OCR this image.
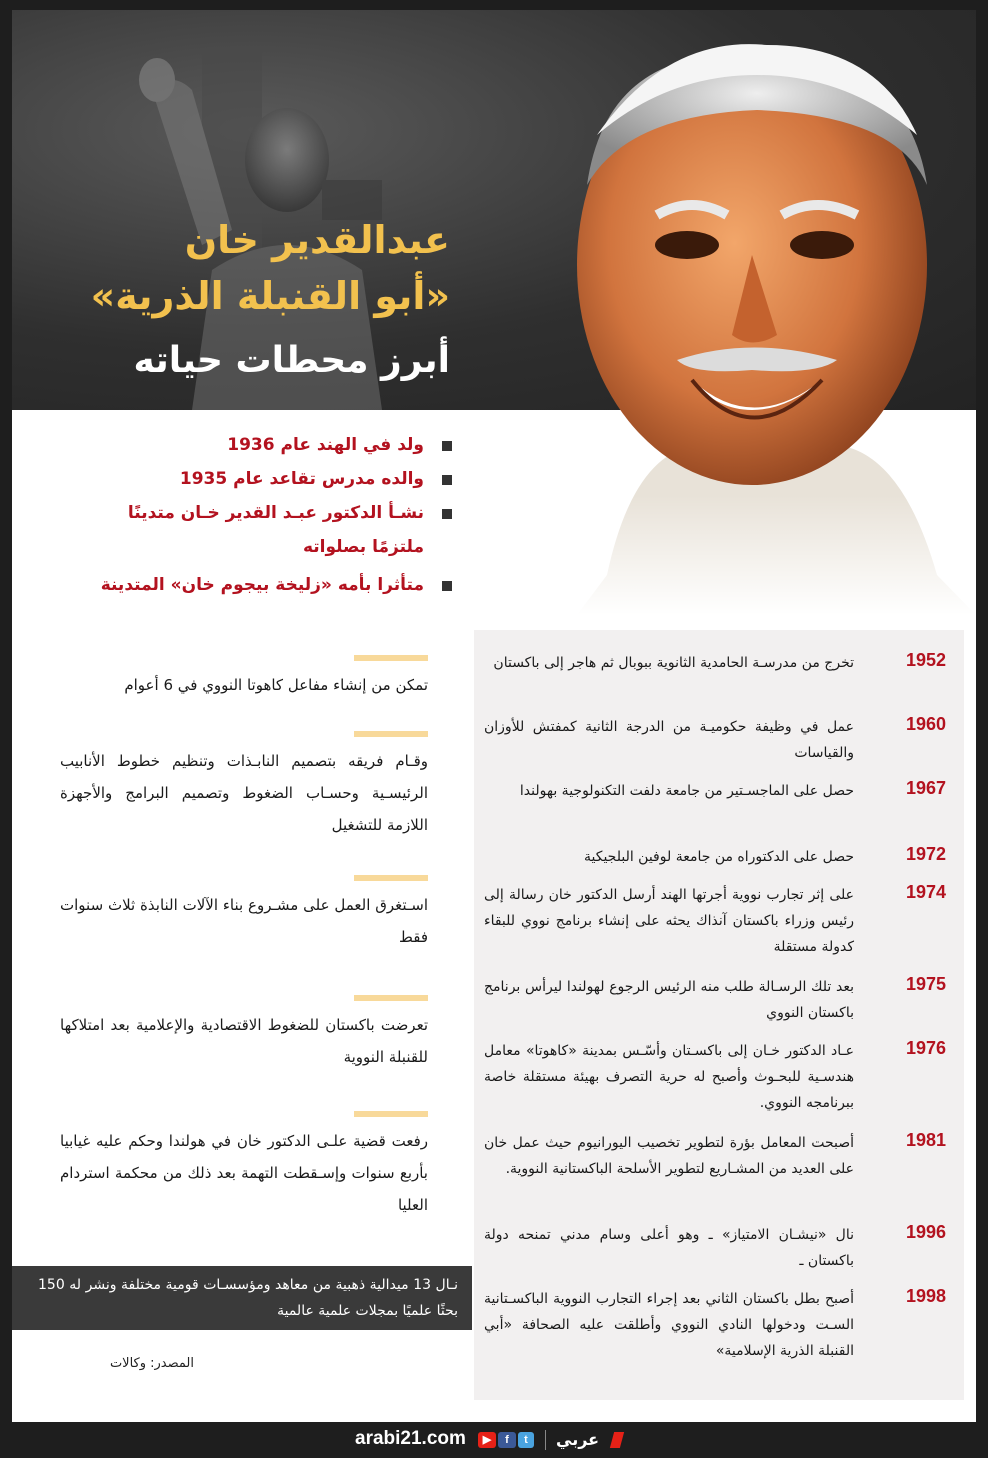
عبدالقدير خان
«أبو القنبلة الذرية»
أبرز محطات حياته
ولد في الهند عام 1936
والده مدرس تقاعد عام 1935
نشـأ الدكتور عبـد القدير خـان متدينًا ملتزمًا بصلواته
متأثرا بأمه «زليخة بيجوم خان» المتدينة
1952
تخرج من مدرسـة الحامدية الثانوية ببوبال ثم هاجر إلى باكستان
1960
عمل في وظيفة حكوميـة من الدرجة الثانية كمفتش للأوزان والقياسات
1967
حصل على الماجسـتير من جامعة دلفت التكنولوجية بهولندا
1972
حصل على الدكتوراه من جامعة لوفين البلجيكية
1974
على إثر تجارب نووية أجرتها الهند أرسل الدكتور خان رسالة إلى رئيس وزراء باكستان آنذاك يحثه على إنشاء برنامج نووي للبقاء كدولة مستقلة
1975
بعد تلك الرسـالة طلب منه الرئيس الرجوع لهولندا ليرأس برنامج باكستان النووي
1976
عـاد الدكتور خـان إلى باكسـتان وأسّـس بمدينة «كاهوتا» معامل هندسـية للبحـوث وأصبح له حرية التصرف بهيئة مستقلة خاصة ببرنامجه النووي.
1981
أصبحت المعامل بؤرة لتطوير تخصيب اليورانيوم حيث عمل خان على العديد من المشـاريع لتطوير الأسلحة الباكستانية النووية.
1996
نال «نيشـان الامتياز» ـ وهو أعلى وسام مدني تمنحه دولة باكستان ـ
1998
أصبح بطل باكستان الثاني بعد إجراء التجارب النووية الباكسـتانية السـت ودخولها النادي النووي وأطلقت عليه الصحافة «أبي القنبلة الذرية الإسلامية»
تمكن من إنشاء مفاعل كاهوتا النووي في 6 أعوام
وقـام فريقه بتصميم النابـذات وتنظيم خطوط الأنابيب الرئيسـية وحسـاب الضغوط وتصميم البرامج والأجهزة اللازمة للتشغيل
اسـتغرق العمل على مشـروع بناء الآلات النابذة ثلاث سنوات فقط
تعرضت باكستان للضغوط الاقتصادية والإعلامية بعد امتلاكها للقنبلة النووية
رفعت قضية علـى الدكتور خان في هولندا وحكم عليه غيابيا بأربع سنوات وإسـقطت التهمة بعد ذلك من محكمة استردام العليا
نـال 13 ميدالية ذهبية من معاهد ومؤسسـات قومية مختلفة ونشر له 150 بحثًا علميًا بمجلات علمية عالمية
المصدر: وكالات
arabi21.com	▶	f	t	عربي
